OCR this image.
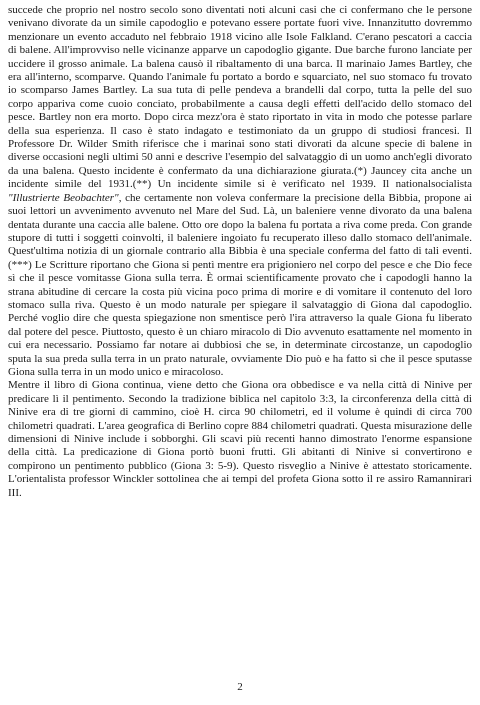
succede che proprio nel nostro secolo sono diventati noti alcuni casi che ci confermano che le persone venivano divorate da un simile capodoglio e potevano essere portate fuori vive. Innanzitutto dovremmo menzionare un evento accaduto nel febbraio 1918 vicino alle Isole Falkland. C'erano pescatori a caccia di balene. All'improvviso nelle vicinanze apparve un capodoglio gigante. Due barche furono lanciate per uccidere il grosso animale. La balena causò il ribaltamento di una barca. Il marinaio James Bartley, che era all'interno, scomparve. Quando l'animale fu portato a bordo e squarciato, nel suo stomaco fu trovato io scomparso James Bartley. La sua tuta di pelle pendeva a brandelli dal corpo, tutta la pelle del suo corpo appariva come cuoio conciato, probabilmente a causa degli effetti dell'acido dello stomaco del pesce. Bartley non era morto. Dopo circa mezz'ora è stato riportato in vita in modo che potesse parlare della sua esperienza. Il caso è stato indagato e testimoniato da un gruppo di studiosi francesi. Il Professore Dr. Wilder Smith riferisce che i marinai sono stati divorati da alcune specie di balene in diverse occasioni negli ultimi 50 anni e descrive l'esempio del salvataggio di un uomo anch'egli divorato da una balena. Questo incidente è confermato da una dichiarazione giurata.(*) Jauncey cita anche un incidente simile del 1931.(**) Un incidente simile si è verificato nel 1939. Il nationalsocialista "Illustrierte Beobachter", che certamente non voleva confermare la precisione della Bibbia, propone ai suoi lettori un avvenimento avvenuto nel Mare del Sud. Là, un baleniere venne divorato da una balena dentata durante una caccia alle balene. Otto ore dopo la balena fu portata a riva come preda. Con grande stupore di tutti i soggetti coinvolti, il baleniere ingoiato fu recuperato illeso dallo stomaco dell'animale. Quest'ultima notizia di un giornale contrario alla Bibbia è una speciale conferma del fatto di tali eventi. (***) Le Scritture riportano che Giona si pentì mentre era prigioniero nel corpo del pesce e che Dio fece sì che il pesce vomitasse Giona sulla terra. È ormai scientificamente provato che i capodogli hanno la strana abitudine di cercare la costa più vicina poco prima di morire e di vomitare il contenuto del loro stomaco sulla riva. Questo è un modo naturale per spiegare il salvataggio di Giona dal capodoglio. Perché voglio dire che questa spiegazione non smentisce però l'ira attraverso la quale Giona fu liberato dal potere del pesce. Piuttosto, questo è un chiaro miracolo di Dio avvenuto esattamente nel momento in cui era necessario. Possiamo far notare ai dubbiosi che se, in determinate circostanze, un capodoglio sputa la sua preda sulla terra in un prato naturale, ovviamente Dio può e ha fatto sì che il pesce sputasse Giona sulla terra in un modo unico e miracoloso.

Mentre il libro di Giona continua, viene detto che Giona ora obbedisce e va nella città di Ninive per predicare lì il pentimento. Secondo la tradizione biblica nel capitolo 3:3, la circonferenza della città di Ninive era di tre giorni di cammino, cioè H. circa 90 chilometri, ed il volume è quindi di circa 700 chilometri quadrati. L'area geografica di Berlino copre 884 chilometri quadrati. Questa misurazione delle dimensioni di Ninive include i sobborghi. Gli scavi più recenti hanno dimostrato l'enorme espansione della città. La predicazione di Giona portò buoni frutti. Gli abitanti di Ninive si convertirono e compirono un pentimento pubblico (Giona 3: 5-9). Questo risveglio a Ninive è attestato storicamente. L'orientalista professor Winckler sottolinea che ai tempi del profeta Giona sotto il re assiro Ramannirari III.

2
